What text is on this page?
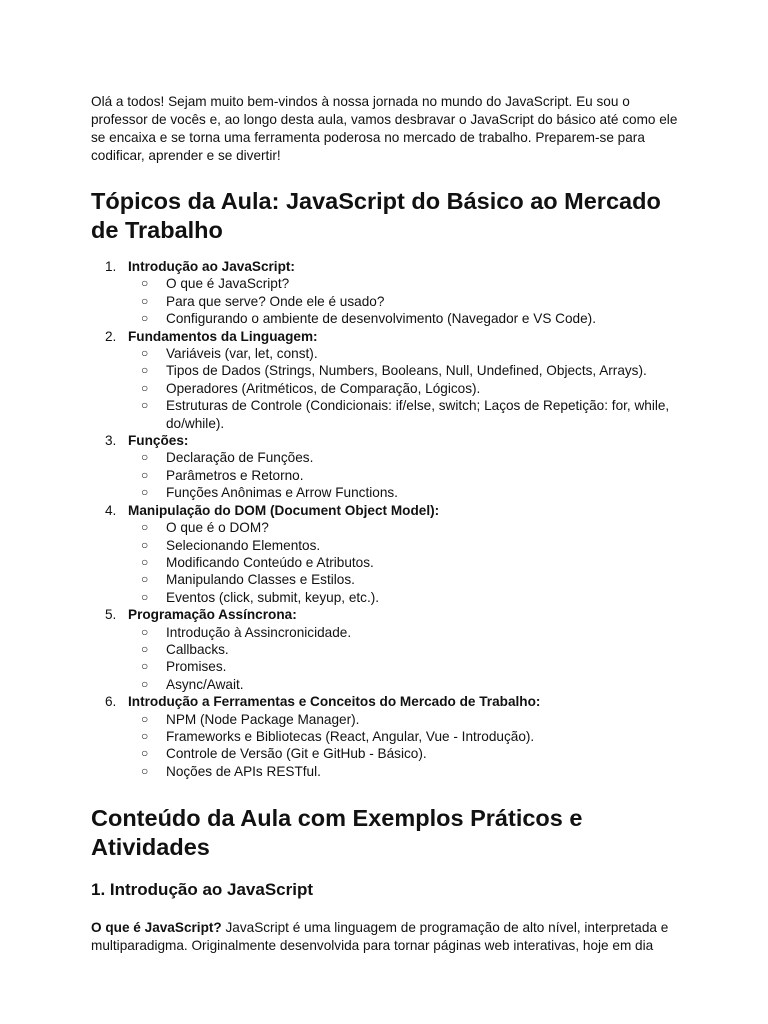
Olá a todos! Sejam muito bem-vindos à nossa jornada no mundo do JavaScript. Eu sou o professor de vocês e, ao longo desta aula, vamos desbravar o JavaScript do básico até como ele se encaixa e se torna uma ferramenta poderosa no mercado de trabalho. Preparem-se para codificar, aprender e se divertir!

Tópicos da Aula: JavaScript do Básico ao Mercado de Trabalho
1. Introdução ao JavaScript:
○ O que é JavaScript?
○ Para que serve? Onde ele é usado?
○ Configurando o ambiente de desenvolvimento (Navegador e VS Code).
2. Fundamentos da Linguagem:
○ Variáveis (var, let, const).
○ Tipos de Dados (Strings, Numbers, Booleans, Null, Undefined, Objects, Arrays).
○ Operadores (Aritméticos, de Comparação, Lógicos).
○ Estruturas de Controle (Condicionais: if/else, switch; Laços de Repetição: for, while, do/while).
3. Funções:
○ Declaração de Funções.
○ Parâmetros e Retorno.
○ Funções Anônimas e Arrow Functions.
4. Manipulação do DOM (Document Object Model):
○ O que é o DOM?
○ Selecionando Elementos.
○ Modificando Conteúdo e Atributos.
○ Manipulando Classes e Estilos.
○ Eventos (click, submit, keyup, etc.).
5. Programação Assíncrona:
○ Introdução à Assincronicidade.
○ Callbacks.
○ Promises.
○ Async/Await.
6. Introdução a Ferramentas e Conceitos do Mercado de Trabalho:
○ NPM (Node Package Manager).
○ Frameworks e Bibliotecas (React, Angular, Vue - Introdução).
○ Controle de Versão (Git e GitHub - Básico).
○ Noções de APIs RESTful.
Conteúdo da Aula com Exemplos Práticos e Atividades
1. Introdução ao JavaScript

O que é JavaScript? JavaScript é uma linguagem de programação de alto nível, interpretada e multiparadigma. Originalmente desenvolvida para tornar páginas web interativas, hoje em dia
